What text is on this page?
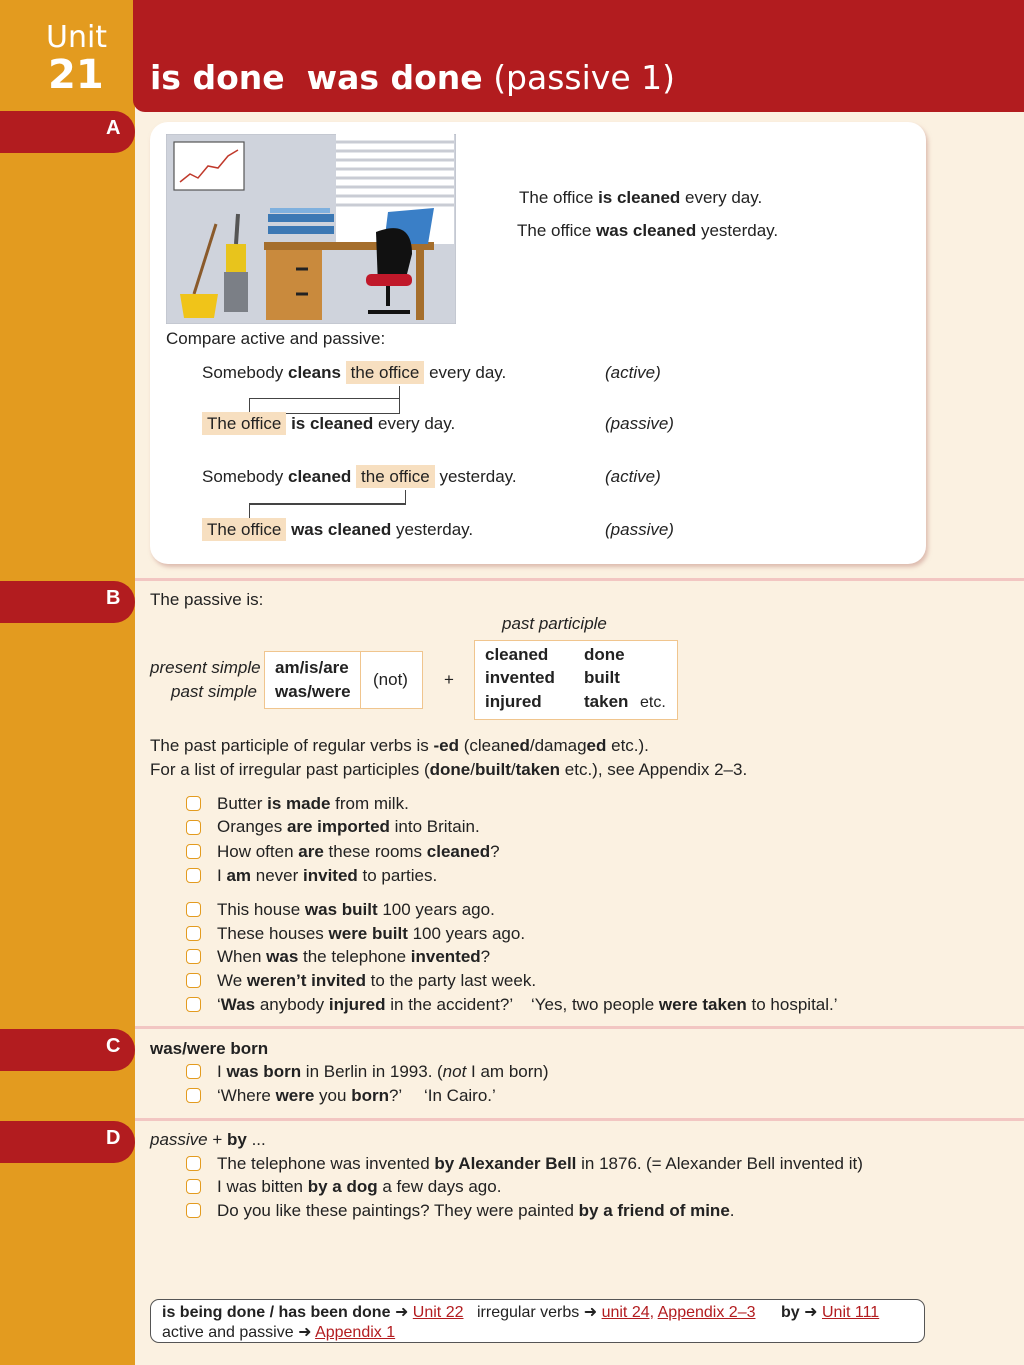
Unit
21 is done was done (passive 1)
A
B
C
D
The office is cleaned every day.
The office was cleaned yesterday.
Compare active and passive:
Somebody cleans the office every day.	(active)
The office is cleaned every day.	(passive)
Somebody cleaned the office yesterday.	(active)
The office was cleaned yesterday.	(passive)
The passive is:
past participle
present simple
past simple
am/is/are
was/were
(not) +
cleaned done
invented built
injured taken etc.
The past participle of regular verbs is -ed (cleaned/damaged etc.).
For a list of irregular past participles (done/built/taken etc.), see Appendix 2–3.
Butter is made from milk.
Oranges are imported into Britain.
How often are these rooms cleaned?
I am never invited to parties.
This house was built 100 years ago.
These houses were built 100 years ago.
When was the telephone invented?
We weren’t invited to the party last week.
‘Was anybody injured in the accident?’ ‘Yes, two people were taken to hospital.’
was/were born
I was born in Berlin in 1993. (not I am born)
‘Where were you born?’ ‘In Cairo.’
passive + by ...
The telephone was invented by Alexander Bell in 1876. (= Alexander Bell invented it)
I was bitten by a dog a few days ago.
Do you like these paintings? They were painted by a friend of mine.
is being done / has been done ➜ Unit 22 irregular verbs ➜ unit 24, Appendix 2–3 by ➜ Unit 111
active and passive ➜ Appendix 1
